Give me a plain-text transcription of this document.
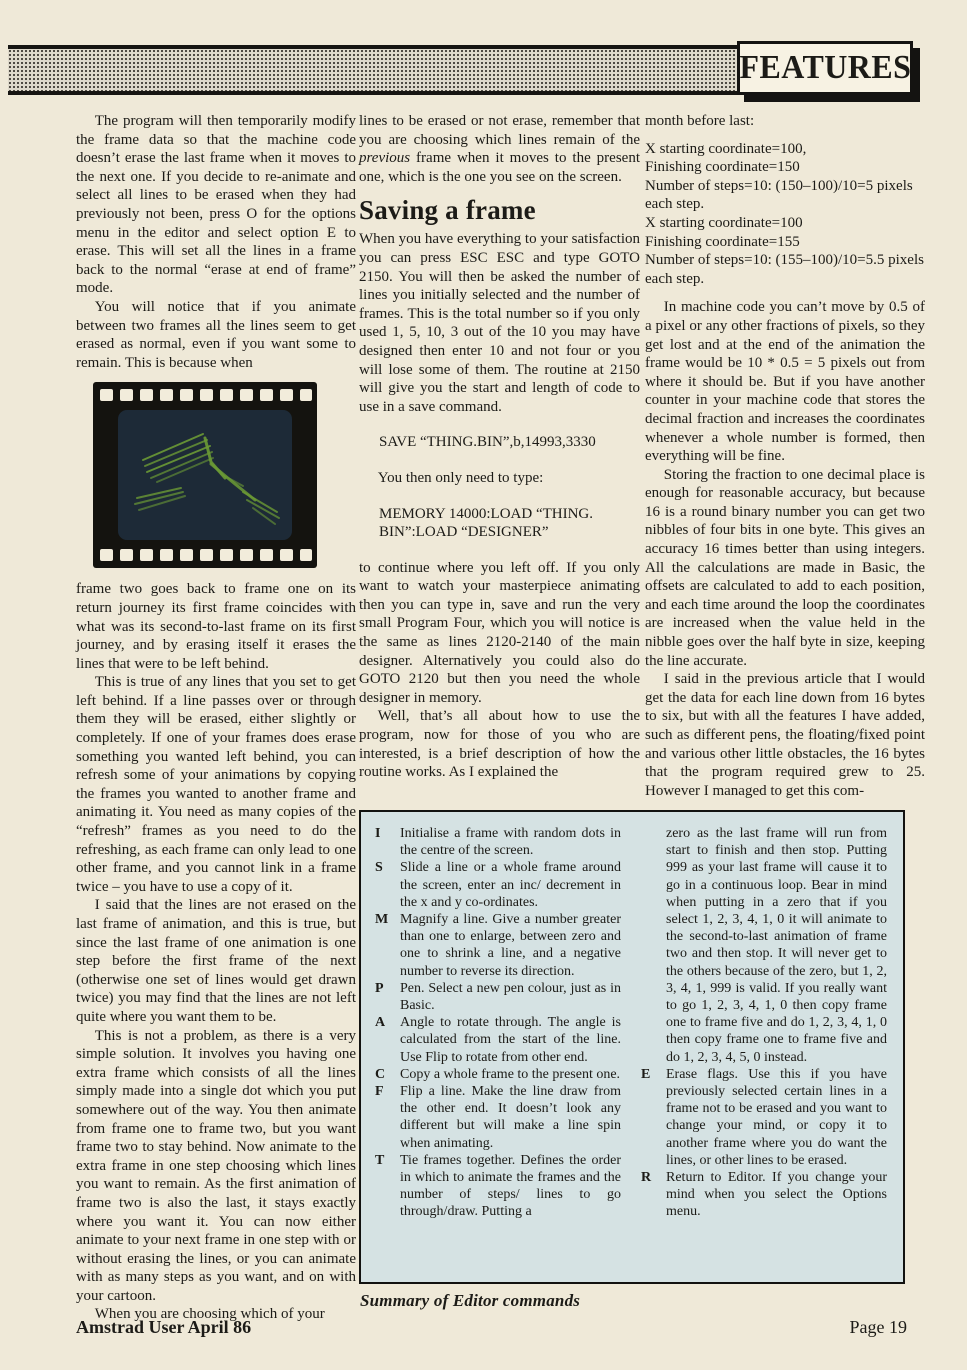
FEATURES

The program will then temporarily modify the frame data so that the machine code doesn’t erase the last frame when it moves to the next one. If you decide to re-animate and select all lines to be erased when they had previously not been, press O for the options menu in the editor and select option E to erase. This will set all the lines in a frame back to the normal “erase at end of frame” mode.

You will notice that if you animate between two frames all the lines seem to get erased as normal, even if you want some to remain. This is because when

frame two goes back to frame one on its return journey its first frame coincides with what was its second-to-last frame on its first journey, and by erasing itself it erases the lines that were to be left behind.

This is true of any lines that you set to get left behind. If a line passes over or through them they will be erased, either slightly or completely. If one of your frames does erase something you wanted left behind, you can refresh some of your animations by copying the frames you wanted to another frame and animating it. You need as many copies of the “refresh” frames as you need to do the refreshing, as each frame can only lead to one other frame, and you cannot link in a frame twice – you have to use a copy of it.

I said that the lines are not erased on the last frame of animation, and this is true, but since the last frame of one animation is one step before the first frame of the next (otherwise one set of lines would get drawn twice) you may find that the lines are not left quite where you want them to be.

This is not a problem, as there is a very simple solution. It involves you having one extra frame which consists of all the lines simply made into a single dot which you put somewhere out of the way. You then animate from frame one to frame two, but you want frame two to stay behind. Now animate to the extra frame in one step choosing which lines you want to remain. As the first animation of frame two is also the last, it stays exactly where you want it. You can now either animate to your next frame in one step with or without erasing the lines, or you can animate with as many steps as you want, and on with your cartoon.

When you are choosing which of your

lines to be erased or not erase, remember that you are choosing which lines remain of the previous frame when it moves to the present one, which is the one you see on the screen.

Saving a frame

When you have everything to your satisfaction you can press ESC ESC and type GOTO 2150. You will then be asked the number of lines you initially selected and the number of frames. This is the total number so if you only used 1, 5, 10, 3 out of the 10 you may have designed then enter 10 and not four or you will lose some of them. The routine at 2150 will give you the start and length of code to use in a save command.

SAVE “THING.BIN”,b,14993,3330

You then only need to type:

MEMORY 14000:LOAD “THING. BIN”:LOAD “DESIGNER”

to continue where you left off. If you only want to watch your masterpiece animating then you can type in, save and run the very small Program Four, which you will notice is the same as lines 2120-2140 of the main designer. Alternatively you could also do GOTO 2120 but then you need the whole designer in memory.

Well, that’s all about how to use the program, now for those of you who are interested, is a brief description of how the routine works. As I explained the

month before last:

X starting coordinate=100,
Finishing coordinate=150
Number of steps=10: (150–100)/10=5 pixels each step.
X starting coordinate=100
Finishing coordinate=155
Number of steps=10: (155–100)/10=5.5 pixels each step.

In machine code you can’t move by 0.5 of a pixel or any other fractions of pixels, so they get lost and at the end of the animation the frame would be 10 * 0.5 = 5 pixels out from where it should be. But if you have another counter in your machine code that stores the decimal fraction and increases the coordinates whenever a whole number is formed, then everything will be fine.

Storing the fraction to one decimal place is enough for reasonable accuracy, but because 16 is a round binary number you can get two nibbles of four bits in one byte. This gives an accuracy 16 times better than using integers. All the calculations are made in Basic, the offsets are calculated to add to each position, and each time around the loop the coordinates are increased when the value held in the nibble goes over the half byte in size, keeping the line accurate.

I said in the previous article that I would get the data for each line down from 16 bytes to six, but with all the features I have added, such as different pens, the floating/fixed point and various other little obstacles, the 16 bytes that the program required grew to 25. However I managed to get this com-

I	Initialise a frame with random dots in the centre of the screen.
S	Slide a line or a whole frame around the screen, enter an inc/ decrement in the x and y co-ordinates.
M Magnify a line. Give a number greater than one to enlarge, between zero and one to shrink a line, and a negative number to reverse its direction.
P	Pen. Select a new pen colour, just as in Basic.
A	Angle to rotate through. The angle is calculated from the start of the line. Use Flip to rotate from other end.
C	Copy a whole frame to the present one.
F	Flip a line. Make the line draw from the other end. It doesn’t look any different but will make a line spin when animating.
T	Tie frames together. Defines the order in which to animate the frames and the number of steps/ lines to go through/draw. Putting a
zero as the last frame will run from start to finish and then stop. Putting 999 as your last frame will cause it to go in a continuous loop. Bear in mind when putting in a zero that if you select 1, 2, 3, 4, 1, 0 it will animate to the second-to-last animation of frame two and then stop. It will never get to the others because of the zero, but 1, 2, 3, 4, 1, 999 is valid. If you really want to go 1, 2, 3, 4, 1, 0 then copy frame one to frame five and do 1, 2, 3, 4, 1, 0 then copy frame one to frame five and do 1, 2, 3, 4, 5, 0 instead.
E	Erase flags. Use this if you have previously selected certain lines in a frame not to be erased and you want to change your mind, or copy it to another frame where you do want the lines, or other lines to be erased.
R	Return to Editor. If you change your mind when you select the Options menu.
Summary of Editor commands
Amstrad User April 86	Page 19
